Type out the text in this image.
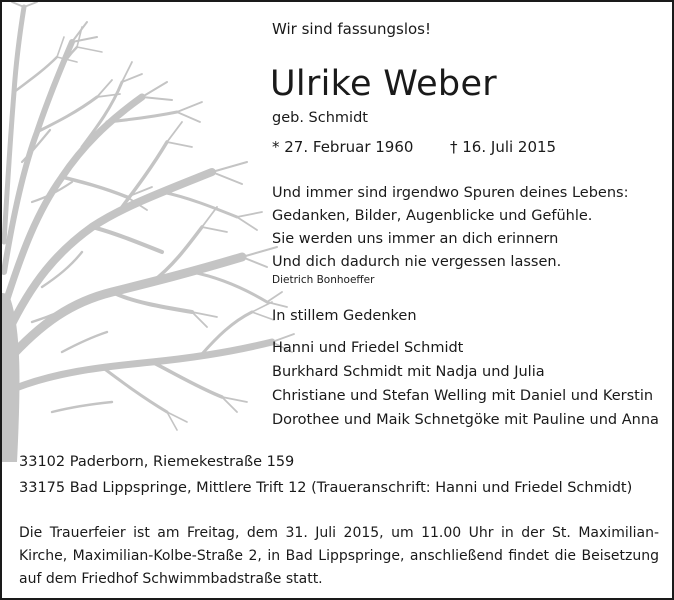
Wir sind fassungslos!
Ulrike Weber
geb. Schmidt
* 27. Februar 1960 † 16. Juli 2015
Und immer sind irgendwo Spuren deines Lebens:
Gedanken, Bilder, Augenblicke und Gefühle.
Sie werden uns immer an dich erinnern
Und dich dadurch nie vergessen lassen.
Dietrich Bonhoeffer
In stillem Gedenken
Hanni und Friedel Schmidt
Burkhard Schmidt mit Nadja und Julia
Christiane und Stefan Welling mit Daniel und Kerstin
Dorothee und Maik Schnetgöke mit Pauline und Anna
33102 Paderborn, Riemekestraße 159
33175 Bad Lippspringe, Mittlere Trift 12 (Traueranschrift: Hanni und Friedel Schmidt)
Die Trauerfeier ist am Freitag, dem 31. Juli 2015, um 11.00 Uhr in der St. Maximilian-
Kirche, Maximilian-Kolbe-Straße 2, in Bad Lippspringe, anschließend findet die Beisetzung
auf dem Friedhof Schwimmbadstraße statt.
